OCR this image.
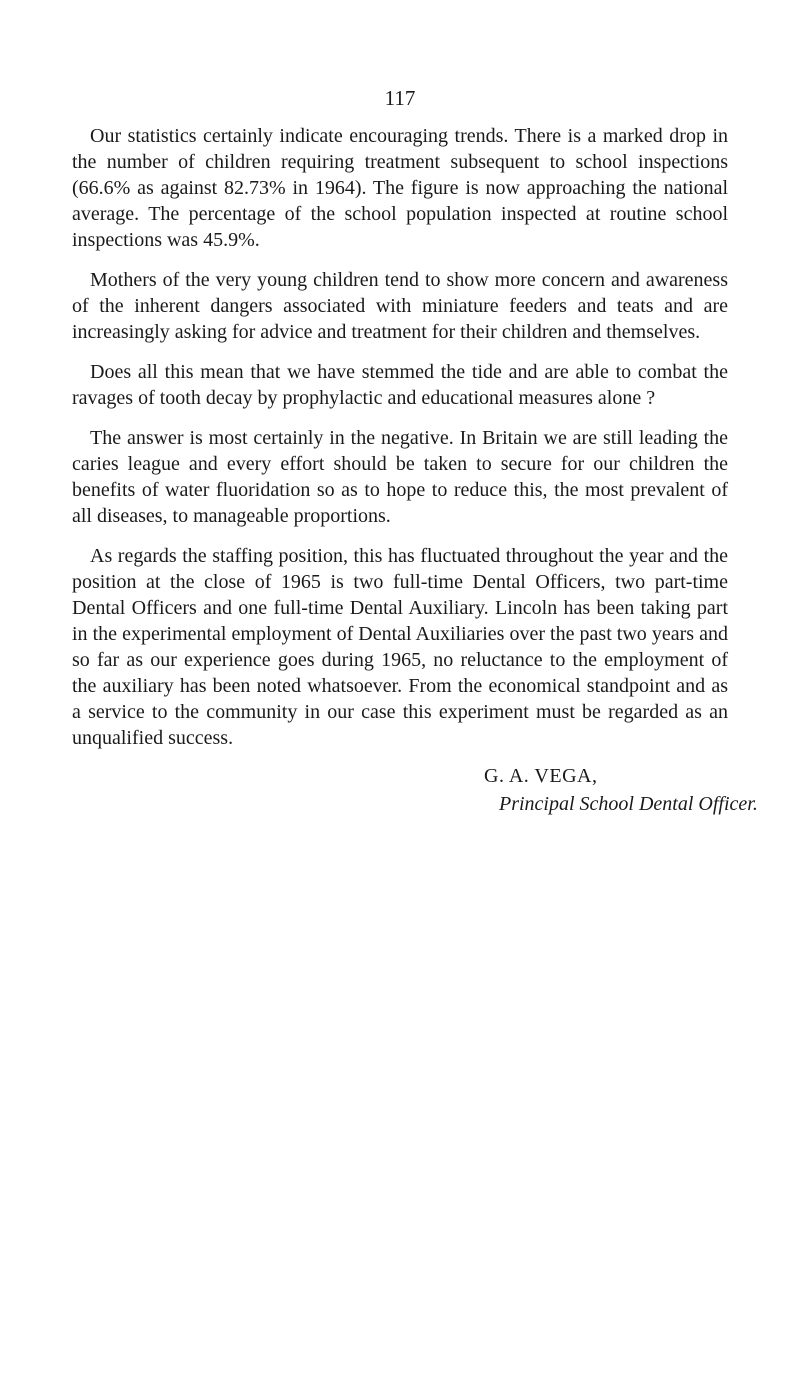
117

Our statistics certainly indicate encouraging trends. There is a marked drop in the number of children requiring treatment subsequent to school inspections (66.6% as against 82.73% in 1964). The figure is now approaching the national average. The percentage of the school population inspected at routine school inspections was 45.9%.

Mothers of the very young children tend to show more concern and awareness of the inherent dangers associated with miniature feeders and teats and are increasingly asking for advice and treatment for their children and themselves.

Does all this mean that we have stemmed the tide and are able to combat the ravages of tooth decay by prophylactic and educational measures alone ?

The answer is most certainly in the negative. In Britain we are still leading the caries league and every effort should be taken to secure for our children the benefits of water fluoridation so as to hope to reduce this, the most prevalent of all diseases, to manageable proportions.

As regards the staffing position, this has fluctuated throughout the year and the position at the close of 1965 is two full-time Dental Officers, two part-time Dental Officers and one full-time Dental Auxiliary. Lincoln has been taking part in the experimental employment of Dental Auxiliaries over the past two years and so far as our experience goes during 1965, no reluctance to the employment of the auxiliary has been noted whatsoever. From the economical standpoint and as a service to the community in our case this experiment must be regarded as an unqualified success.

G. A. VEGA,
Principal School Dental Officer.
